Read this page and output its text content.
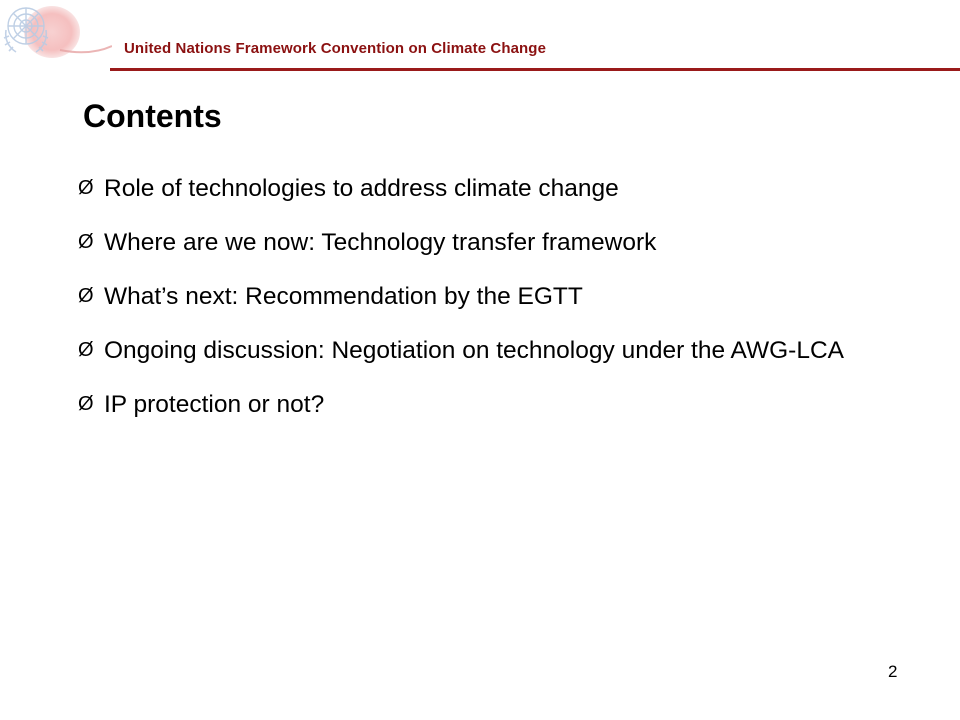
United Nations Framework Convention on Climate Change
Contents
Ø Role of technologies to address climate change
Ø Where are we now: Technology transfer framework
Ø What’s next: Recommendation by the EGTT
Ø Ongoing discussion: Negotiation on technology under the AWG-LCA
Ø IP protection or not?
2
